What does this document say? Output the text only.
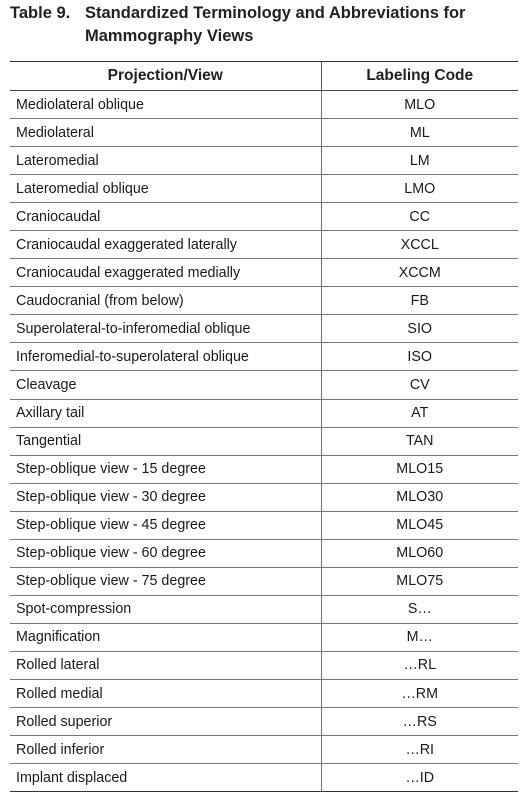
Table 9. Standardized Terminology and Abbreviations for
Mammography Views
Projection/View	Labeling Code
Mediolateral oblique	MLO
Mediolateral	ML
Lateromedial	LM
Lateromedial oblique	LMO
Craniocaudal	CC
Craniocaudal exaggerated laterally	XCCL
Craniocaudal exaggerated medially	XCCM
Caudocranial (from below)	FB
Superolateral-to-inferomedial oblique	SIO
Inferomedial-to-superolateral oblique	ISO
Cleavage	CV
Axillary tail	AT
Tangential	TAN
Step-oblique view - 15 degree	MLO15
Step-oblique view - 30 degree	MLO30
Step-oblique view - 45 degree	MLO45
Step-oblique view - 60 degree	MLO60
Step-oblique view - 75 degree	MLO75
Spot-compression	S…
Magnification	M…
Rolled lateral	…RL
Rolled medial	…RM
Rolled superior	…RS
Rolled inferior	…RI
Implant displaced	…ID
